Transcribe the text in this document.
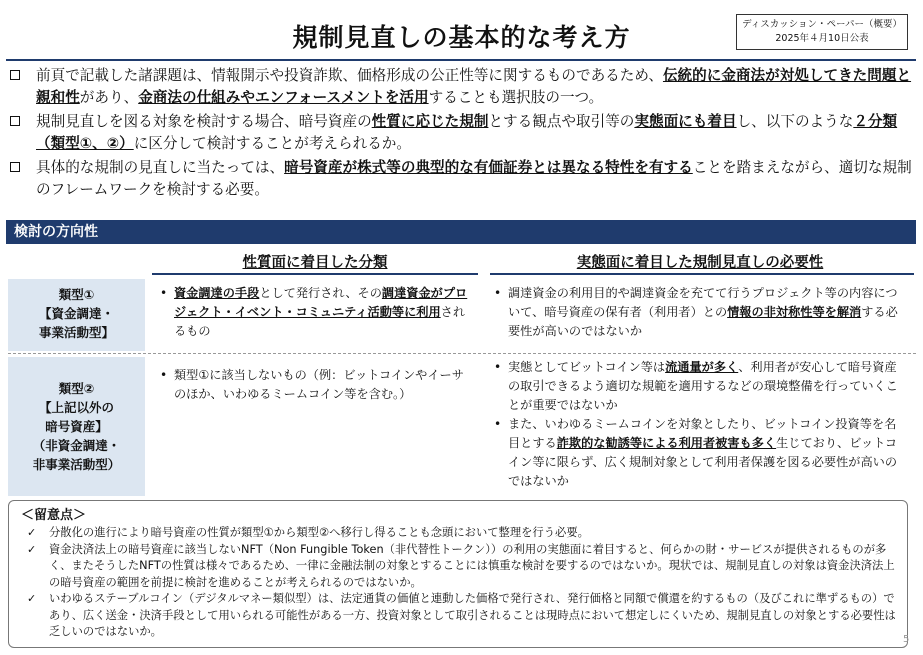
規制見直しの基本的な考え方	ディスカッション・ペーパー（概要）
2025年４月10日公表
前頁で記載した諸課題は、情報開示や投資詐欺、価格形成の公正性等に関するものであるため、伝統的に金商法が対処してきた問題と親和性があり、金商法の仕組みやエンフォースメントを活用することも選択肢の一つ。
規制見直しを図る対象を検討する場合、暗号資産の性質に応じた規制とする観点や取引等の実態面にも着目し、以下のような２分類（類型①、②）に区分して検討することが考えられるか。
具体的な規制の見直しに当たっては、暗号資産が株式等の典型的な有価証券とは異なる特性を有することを踏まえながら、適切な規制のフレームワークを検討する必要。
検討の方向性
性質面に着目した分類	実態面に着目した規制見直しの必要性
類型①
【資金調達・
事業活動型】
• 資金調達の手段として発行され、その調達資金がプロジェクト・イベント・コミュニティ活動等に利用されるもの
• 調達資金の利用目的や調達資金を充てて行うプロジェクト等の内容について、暗号資産の保有者（利用者）との情報の非対称性等を解消する必要性が高いのではないか
類型②
【上記以外の
暗号資産】
（非資金調達・
非事業活動型）
• 類型①に該当しないもの（例：ビットコインやイーサのほか、いわゆるミームコイン等を含む。）
• 実態としてビットコイン等は流通量が多く、利用者が安心して暗号資産の取引できるよう適切な規範を適用するなどの環境整備を行っていくことが重要ではないか
• また、いわゆるミームコインを対象としたり、ビットコイン投資等を名目とする詐欺的な勧誘等による利用者被害も多く生じており、ビットコイン等に限らず、広く規制対象として利用者保護を図る必要性が高いのではないか
＜留意点＞
✓ 分散化の進行により暗号資産の性質が類型①から類型②へ移行し得ることも念頭において整理を行う必要。
✓ 資金決済法上の暗号資産に該当しないNFT（Non Fungible Token（非代替性トークン））の利用の実態面に着目すると、何らかの財・サービスが提供されるものが多く、またそうしたNFTの性質は様々であるため、一律に金融法制の対象とすることには慎重な検討を要するのではないか。現状では、規制見直しの対象は資金決済法上の暗号資産の範囲を前提に検討を進めることが考えられるのではないか。
✓ いわゆるステーブルコイン（デジタルマネー類似型）は、法定通貨の価値と連動した価格で発行され、発行価格と同額で償還を約するもの（及びこれに準ずるもの）であり、広く送金・決済手段として用いられる可能性がある一方、投資対象として取引されることは現時点において想定しにくいため、規制見直しの対象とする必要性は乏しいのではないか。
5
